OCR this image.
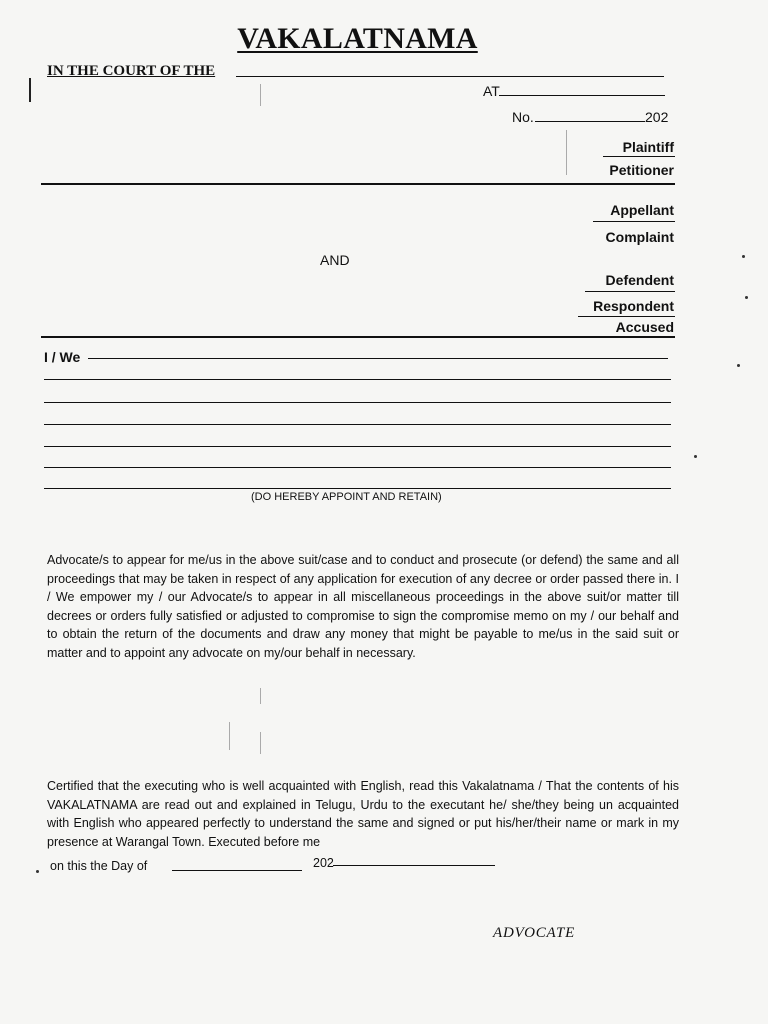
VAKALATNAMA
IN THE COURT OF THE
AT
No.	202
Plaintiff
Petitioner
Appellant
Complaint
AND
Defendent
Respondent
Accused
I / We
(DO HEREBY APPOINT AND RETAIN)
Advocate/s to appear for me/us in the above suit/case and to conduct and prosecute (or defend) the same and all proceedings that may be taken in respect of any application for execution of any decree or order passed there in. I / We empower my / our Advocate/s to appear in all miscellaneous proceedings in the above suit/or matter till decrees or orders fully satisfied or adjusted to compromise to sign the compromise memo on my / our behalf and to obtain the return of the documents and draw any money that might be payable to me/us in the said suit or matter and to appoint any advocate on my/our behalf in necessary.
Certified that the executing who is well acquainted with English, read this Vakalatnama / That the contents of his VAKALATNAMA are read out and explained in Telugu, Urdu to the executant he/ she/they being un acquainted with English who appeared perfectly to understand the same and signed or put his/her/their name or mark in my presence at Warangal Town. Executed before me
on this the Day of	202
ADVOCATE
